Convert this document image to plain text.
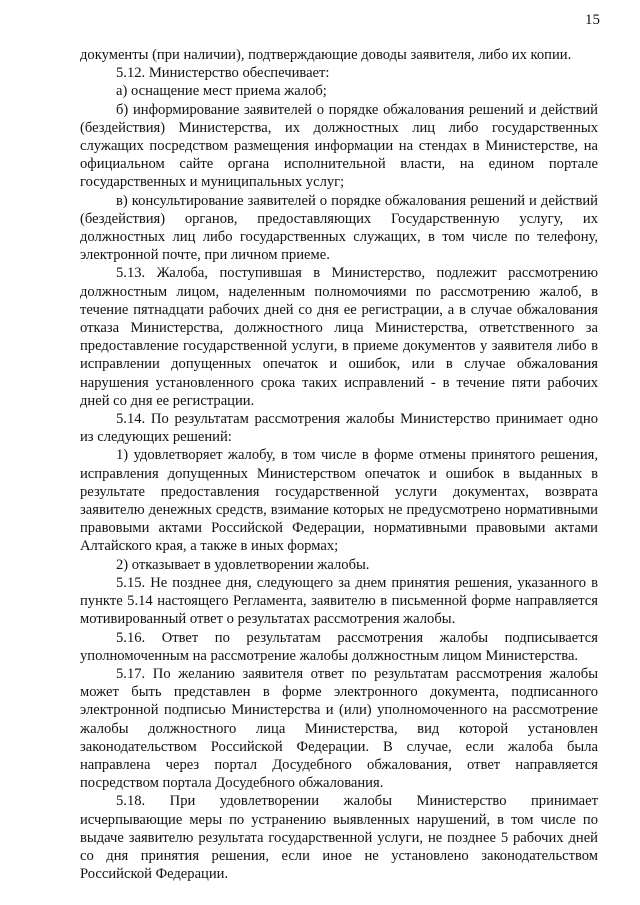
15

документы (при наличии), подтверждающие доводы заявителя, либо их копии.

5.12. Министерство обеспечивает:

а) оснащение мест приема жалоб;

б) информирование заявителей о порядке обжалования решений и действий (бездействия) Министерства, их должностных лиц либо государственных служащих посредством размещения информации на стендах в Министерстве, на официальном сайте органа исполнительной власти, на едином портале государственных и муниципальных услуг;

в) консультирование заявителей о порядке обжалования решений и действий (бездействия) органов, предоставляющих Государственную услугу, их должностных лиц либо государственных служащих, в том числе по телефону, электронной почте, при личном приеме.

5.13. Жалоба, поступившая в Министерство, подлежит рассмотрению должностным лицом, наделенным полномочиями по рассмотрению жалоб, в течение пятнадцати рабочих дней со дня ее регистрации, а в случае обжалования отказа Министерства, должностного лица Министерства, ответственного за предоставление государственной услуги, в приеме документов у заявителя либо в исправлении допущенных опечаток и ошибок, или в случае обжалования нарушения установленного срока таких исправлений - в течение пяти рабочих дней со дня ее регистрации.

5.14. По результатам рассмотрения жалобы Министерство принимает одно из следующих решений:

1) удовлетворяет жалобу, в том числе в форме отмены принятого решения, исправления допущенных Министерством опечаток и ошибок в выданных в результате предоставления государственной услуги документах, возврата заявителю денежных средств, взимание которых не предусмотрено нормативными правовыми актами Российской Федерации, нормативными правовыми актами Алтайского края, а также в иных формах;

2) отказывает в удовлетворении жалобы.

5.15. Не позднее дня, следующего за днем принятия решения, указанного в пункте 5.14 настоящего Регламента, заявителю в письменной форме направляется мотивированный ответ о результатах рассмотрения жалобы.

5.16. Ответ по результатам рассмотрения жалобы подписывается уполномоченным на рассмотрение жалобы должностным лицом Министерства.

5.17. По желанию заявителя ответ по результатам рассмотрения жалобы может быть представлен в форме электронного документа, подписанного электронной подписью Министерства и (или) уполномоченного на рассмотрение жалобы должностного лица Министерства, вид которой установлен законодательством Российской Федерации. В случае, если жалоба была направлена через портал Досудебного обжалования, ответ направляется посредством портала Досудебного обжалования.

5.18. При удовлетворении жалобы Министерство принимает исчерпывающие меры по устранению выявленных нарушений, в том числе по выдаче заявителю результата государственной услуги, не позднее 5 рабочих дней со дня принятия решения, если иное не установлено законодательством Российской Федерации.
